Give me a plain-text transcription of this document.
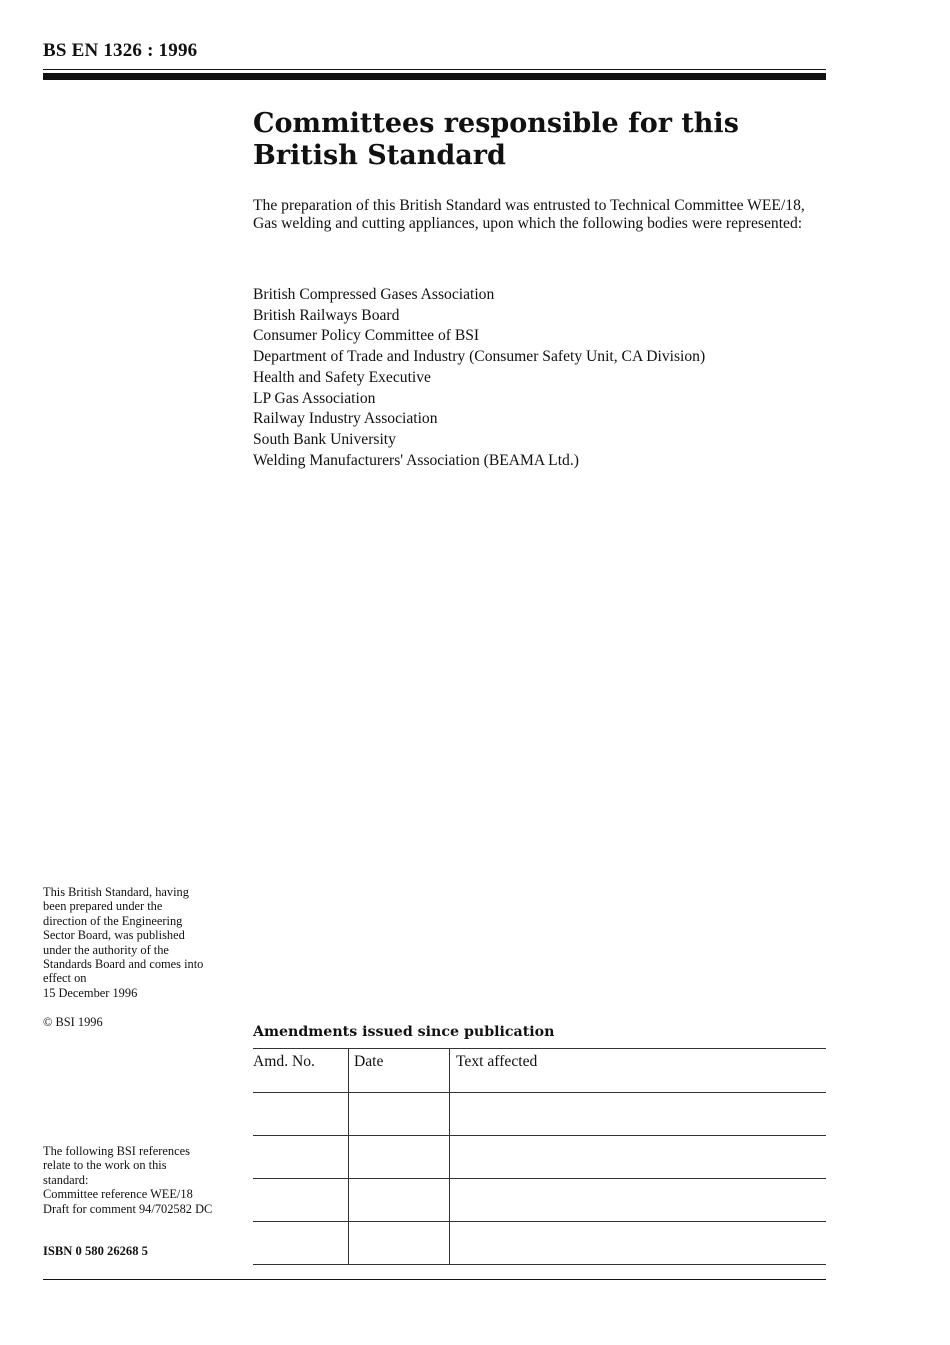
BS EN 1326 : 1996
Committees responsible for this
British Standard
The preparation of this British Standard was entrusted to Technical Committee WEE/18, Gas welding and cutting appliances, upon which the following bodies were represented:
British Compressed Gases Association
British Railways Board
Consumer Policy Committee of BSI
Department of Trade and Industry (Consumer Safety Unit, CA Division)
Health and Safety Executive
LP Gas Association
Railway Industry Association
South Bank University
Welding Manufacturers' Association (BEAMA Ltd.)
This British Standard, having
been prepared under the
direction of the Engineering
Sector Board, was published
under the authority of the
Standards Board and comes into
effect on
15 December 1996
© BSI 1996
The following BSI references
relate to the work on this
standard:
Committee reference WEE/18
Draft for comment 94/702582 DC
ISBN 0 580 26268 5
Amendments issued since publication
Amd. No.	Date	Text affected
